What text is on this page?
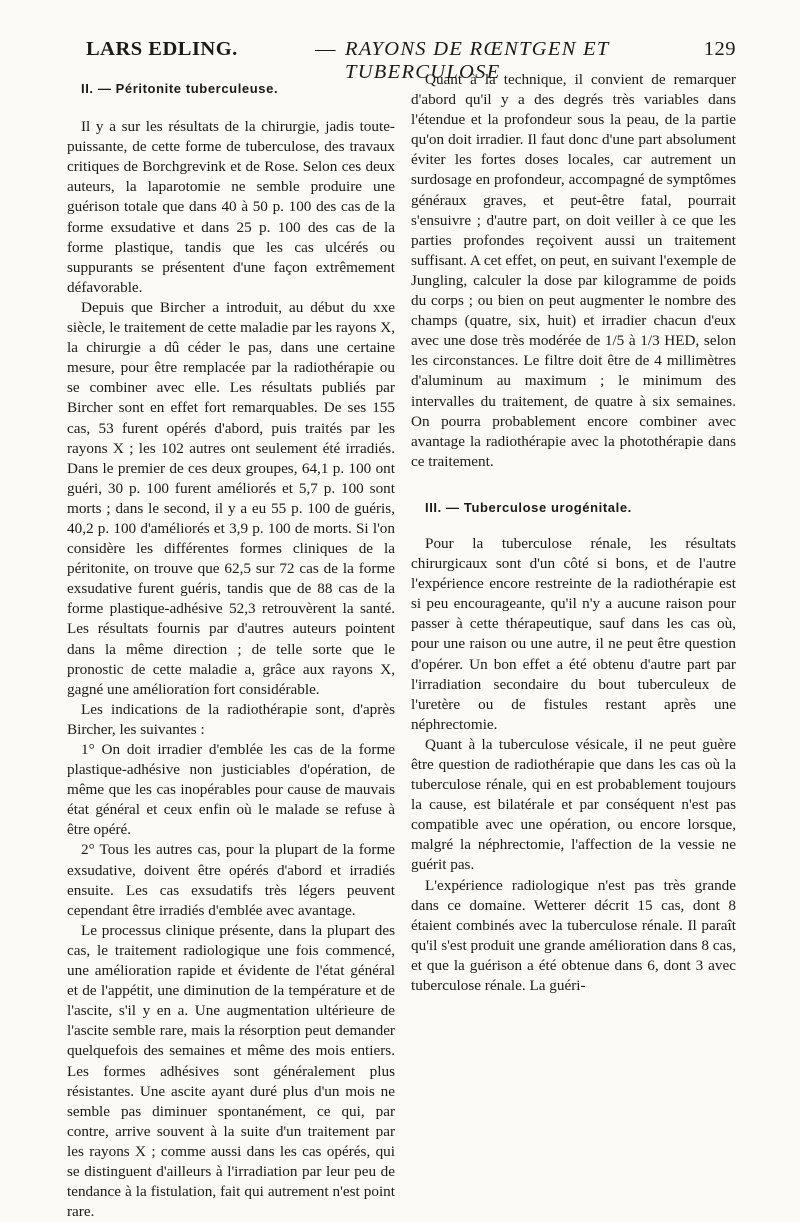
LARS EDLING.	— RAYONS DE RŒNTGEN ET TUBERCULOSE
129
II. — Péritonite tuberculeuse.

Il y a sur les résultats de la chirurgie, jadis toute-puissante, de cette forme de tuberculose, des travaux critiques de Borchgrevink et de Rose. Selon ces deux auteurs, la laparotomie ne semble produire une guérison totale que dans 40 à 50 p. 100 des cas de la forme exsudative et dans 25 p. 100 des cas de la forme plastique, tandis que les cas ulcérés ou suppurants se présentent d'une façon extrêmement défavorable.

Depuis que Bircher a introduit, au début du xxe siècle, le traitement de cette maladie par les rayons X, la chirurgie a dû céder le pas, dans une certaine mesure, pour être remplacée par la radiothérapie ou se combiner avec elle. Les résultats publiés par Bircher sont en effet fort remarquables. De ses 155 cas, 53 furent opérés d'abord, puis traités par les rayons X ; les 102 autres ont seulement été irradiés. Dans le premier de ces deux groupes, 64,1 p. 100 ont guéri, 30 p. 100 furent améliorés et 5,7 p. 100 sont morts ; dans le second, il y a eu 55 p. 100 de guéris, 40,2 p. 100 d'améliorés et 3,9 p. 100 de morts. Si l'on considère les différentes formes cliniques de la péritonite, on trouve que 62,5 sur 72 cas de la forme exsudative furent guéris, tandis que de 88 cas de la forme plastique-adhésive 52,3 retrouvèrent la santé. Les résultats fournis par d'autres auteurs pointent dans la même direction ; de telle sorte que le pronostic de cette maladie a, grâce aux rayons X, gagné une amélioration fort considérable.

Les indications de la radiothérapie sont, d'après Bircher, les suivantes :

1° On doit irradier d'emblée les cas de la forme plastique-adhésive non justiciables d'opération, de même que les cas inopérables pour cause de mauvais état général et ceux enfin où le malade se refuse à être opéré.

2° Tous les autres cas, pour la plupart de la forme exsudative, doivent être opérés d'abord et irradiés ensuite. Les cas exsudatifs très légers peuvent cependant être irradiés d'emblée avec avantage.

Le processus clinique présente, dans la plupart des cas, le traitement radiologique une fois commencé, une amélioration rapide et évidente de l'état général et de l'appétit, une diminution de la température et de l'ascite, s'il y en a. Une augmentation ultérieure de l'ascite semble rare, mais la résorption peut demander quelquefois des semaines et même des mois entiers. Les formes adhésives sont généralement plus résistantes. Une ascite ayant duré plus d'un mois ne semble pas diminuer spontanément, ce qui, par contre, arrive souvent à la suite d'un traitement par les rayons X ; comme aussi dans les cas opérés, qui se distinguent d'ailleurs à l'irradiation par leur peu de tendance à la fistulation, fait qui autrement n'est point rare.

Quant à la technique, il convient de remarquer d'abord qu'il y a des degrés très variables dans l'étendue et la profondeur sous la peau, de la partie qu'on doit irradier. Il faut donc d'une part absolument éviter les fortes doses locales, car autrement un surdosage en profondeur, accompagné de symptômes généraux graves, et peut-être fatal, pourrait s'ensuivre ; d'autre part, on doit veiller à ce que les parties profondes reçoivent aussi un traitement suffisant. A cet effet, on peut, en suivant l'exemple de Jungling, calculer la dose par kilogramme de poids du corps ; ou bien on peut augmenter le nombre des champs (quatre, six, huit) et irradier chacun d'eux avec une dose très modérée de 1/5 à 1/3 HED, selon les circonstances. Le filtre doit être de 4 millimètres d'aluminum au maximum ; le minimum des intervalles du traitement, de quatre à six semaines. On pourra probablement encore combiner avec avantage la radiothérapie avec la photothérapie dans ce traitement.

III. — Tuberculose urogénitale.

Pour la tuberculose rénale, les résultats chirurgicaux sont d'un côté si bons, et de l'autre l'expérience encore restreinte de la radiothérapie est si peu encourageante, qu'il n'y a aucune raison pour passer à cette thérapeutique, sauf dans les cas où, pour une raison ou une autre, il ne peut être question d'opérer. Un bon effet a été obtenu d'autre part par l'irradiation secondaire du bout tuberculeux de l'uretère ou de fistules restant après une néphrectomie.

Quant à la tuberculose vésicale, il ne peut guère être question de radiothérapie que dans les cas où la tuberculose rénale, qui en est probablement toujours la cause, est bilatérale et par conséquent n'est pas compatible avec une opération, ou encore lorsque, malgré la néphrectomie, l'affection de la vessie ne guérit pas.

L'expérience radiologique n'est pas très grande dans ce domaine. Wetterer décrit 15 cas, dont 8 étaient combinés avec la tuberculose rénale. Il paraît qu'il s'est produit une grande amélioration dans 8 cas, et que la guérison a été obtenue dans 6, dont 3 avec tuberculose rénale. La guéri-
